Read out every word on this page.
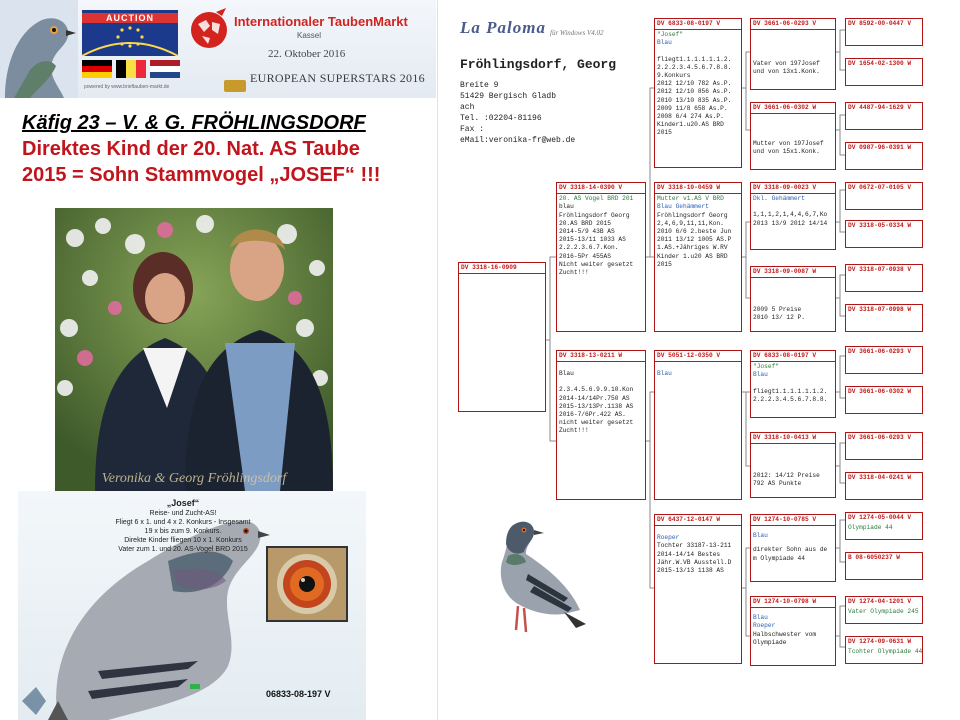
AUCTION
powered by www.brieftauben-markt.de
Internationaler TaubenMarkt
Kassel
22. Oktober 2016
EUROPEAN SUPERSTARS 2016
Käfig 23 – V. & G. FRÖHLINGSDORF
Direktes Kind der 20. Nat. AS Taube
2015 = Sohn Stammvogel „JOSEF“ !!!
Veronika & Georg Fröhlingsdorf
„Josef“
Reise- und Zucht-AS!
Fliegt 6 x 1. und 4 x 2. Konkurs - Insgesamt
19 x bis zum 9. Konkurs.
Direkte Kinder fliegen 10 x 1. Konkurs
Vater zum 1. und 20. AS-Vogel BRD 2015
06833-08-197 V
La Paloma für Windows V4.02
Fröhlingsdorf, Georg
Breite 9
51429 Bergisch Gladb
ach
Tel. :02204-81196
Fax :
eMail:veronika-fr@web.de
DV 3318-16-0909
DV 3318-14-0390 V
20. AS Vogel BRD 201
blau
Fröhlingsdorf Georg
20.AS BRD 2015
2014-5/9 43B AS
2015-13/11 1033 AS
2.2.2.3.6.7.Kon.
2016-5Pr 455AS
Nicht weiter gesetzt
Zucht!!!
DV 3318-13-0211 W
Blau
2.3.4.5.6.9.9.10.Kon
2014-14/14Pr.750 AS
2015-13/13Pr.1138 AS
2016-7/6Pr.422 AS.
nicht weiter gesetzt
Zucht!!!
DV 6833-08-0197 V
"Josef"
Blau
fliegt1.1.1.1.1.1.2.
2.2.2.3.4.5.6.7.8.8.
9.Konkurs
2012 12/10 782 As.P.
2012 12/10 856 As.P.
2010 13/10 835 As.P.
2009 11/8 658 As.P.
2008 6/4 274 As.P.
Kinder1.u20.AS BRD
2015
DV 3318-10-0459 W
Mutter v1.AS V BRD
Blau Gehämmert
Fröhlingsdorf Georg
2,4,6,9,11,11,Kon.
2010 6/6 2.beste Jun
2011 13/12 1005 AS.P
1.AS.+Jähriges W.RV
Kinder 1.u20 AS BRD
2015
DV 5051-12-0350 V
Blau
DV 6437-12-0147 W
Roeper
Tochter 33187-13-211
2014-14/14 Bestes
Jähr.W.VB Ausstell.D
2015-13/13 1138 AS
DV 3661-06-0293 V
Vater von 197Josef
und von 13x1.Konk.
DV 3661-06-0302 W
Mutter von 197Josef
und von 15x1.Konk.
DV 3318-09-0023 V
Dkl. Gehämmert
1,1,1,2,1,4,4,6,7,Ko
2013 13/9 2012 14/14
DV 3318-09-0087 W
2009 5 Preise
2010 13/ 12 P.
DV 6833-08-0197 V
"Josef"
Blau
fliegt1.1.1.1.1.1.2.
2.2.2.3.4.5.6.7.8.8.
DV 3318-10-0413 W
2012: 14/12 Preise
792 AS Punkte
DV 1274-10-0785 V
Blau
direkter Sohn aus de
m Olympiade 44
DV 1274-10-0798 W
Blau
Roeper
Halbschwester vom
Olympiade
DV 8592-00-0447 V
DV 1654-02-1300 W
DV 4487-94-1629 V
DV 0987-96-0391 W
DV 0672-07-0105 V
DV 3318-05-0334 W
DV 3318-07-0938 V
DV 3318-07-0998 W
DV 3661-06-0293 V
DV 3661-06-0302 W
DV 3661-06-0293 V
DV 3318-04-0241 W
DV 1274-05-0044 V
Olympiade 44
B 08-6050237 W
DV 1274-04-1201 V
Vater Olympiade 245
DV 1274-09-0631 W
Tcohter Olympiade 44
